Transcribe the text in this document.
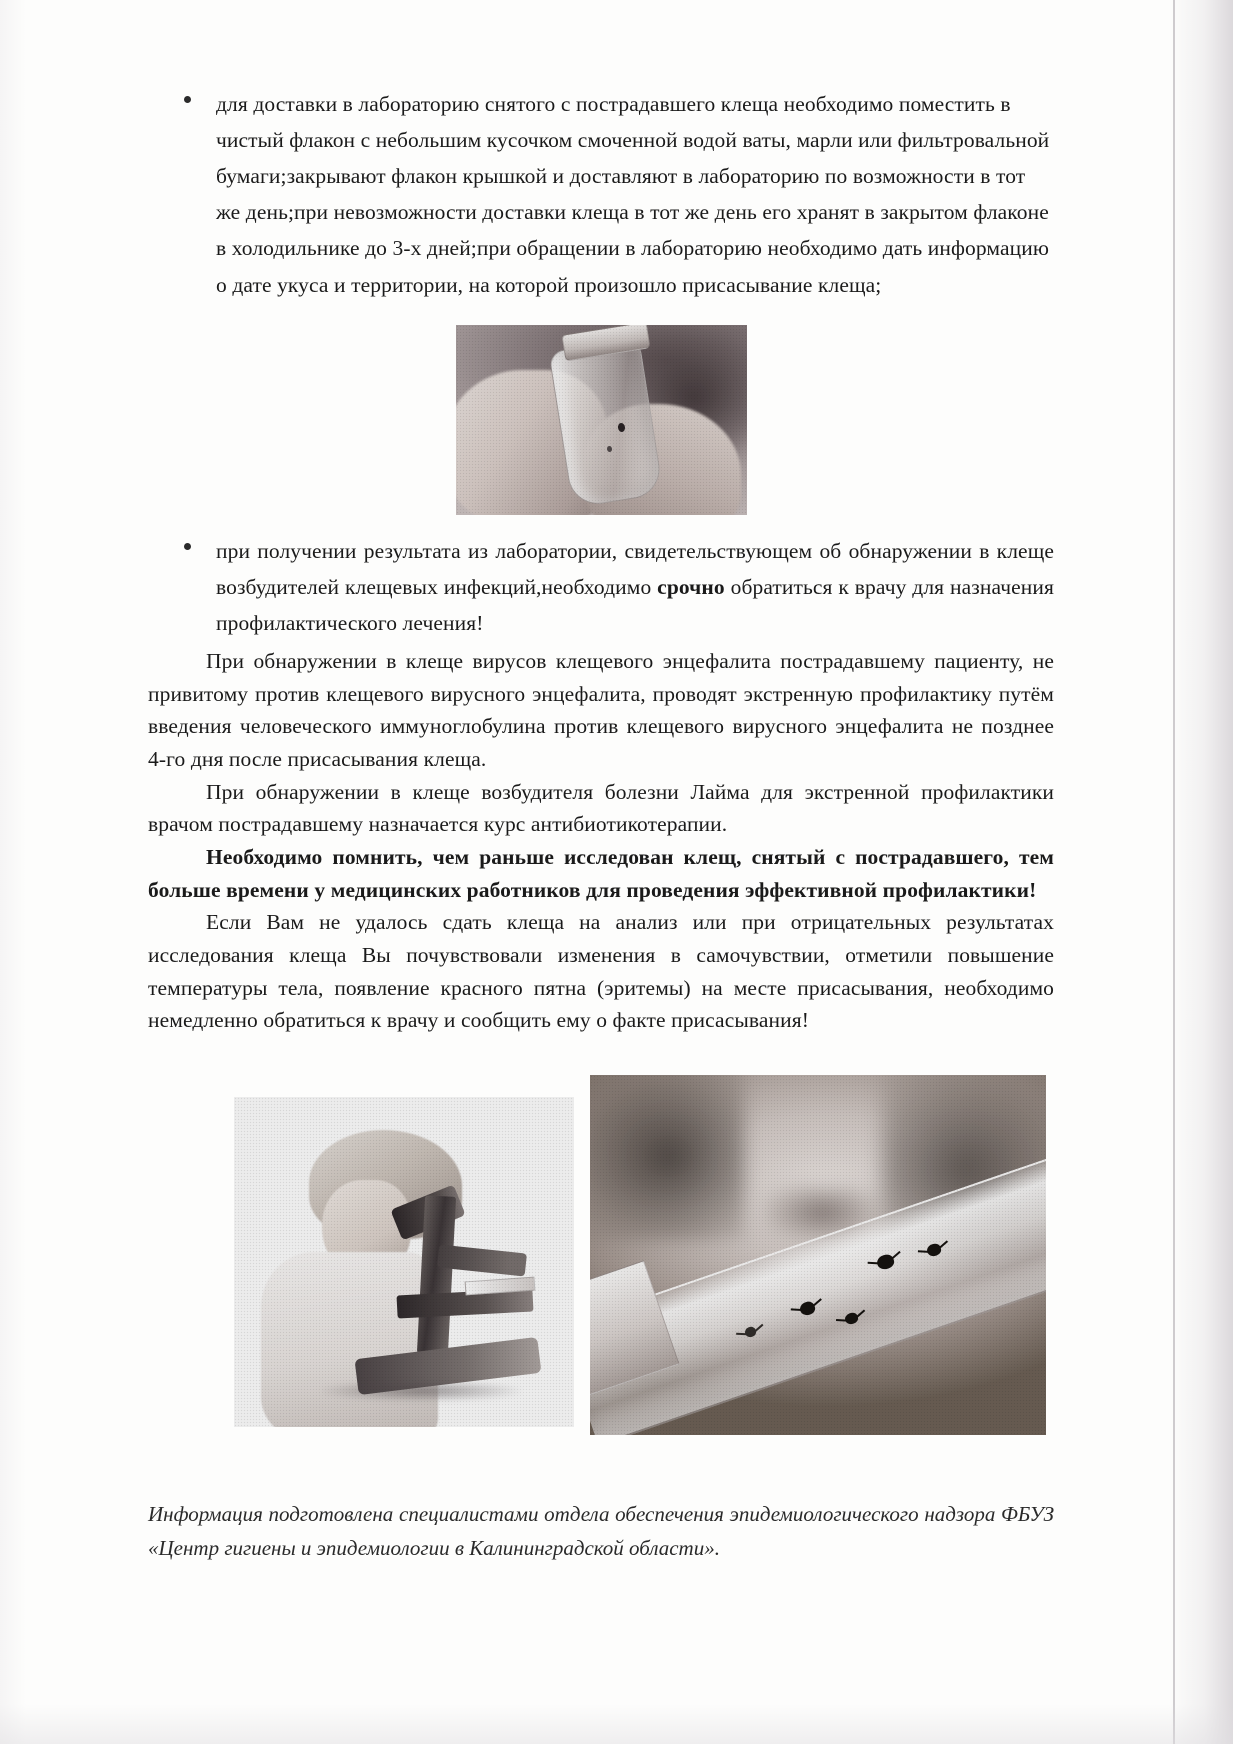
для доставки в лабораторию снятого с пострадавшего клеща необходимо поместить в чистый флакон с небольшим кусочком смоченной водой ваты, марли или фильтровальной бумаги;закрывают флакон крышкой и доставляют в лабораторию по возможности в тот же день;при невозможности доставки клеща в тот же день его хранят в закрытом флаконе в холодильнике до 3-х дней;при обращении в лабораторию необходимо дать информацию о дате укуса и территории, на которой произошло присасывание клеща;
при получении результата из лаборатории, свидетельствующем об обнаружении в клеще возбудителей клещевых инфекций,необходимо срочно обратиться к врачу для назначения профилактического лечения!

При обнаружении в клеще вирусов клещевого энцефалита пострадавшему пациенту, не привитому против клещевого вирусного энцефалита, проводят экстренную профилактику путём введения человеческого иммуноглобулина против клещевого вирусного энцефалита не позднее 4-го дня после присасывания клеща.

При обнаружении в клеще возбудителя болезни Лайма для экстренной профилактики врачом пострадавшему назначается курс антибиотикотерапии.

Необходимо помнить, чем раньше исследован клещ, снятый с пострадавшего, тем больше времени у медицинских работников для проведения эффективной профилактики!

Если Вам не удалось сдать клеща на анализ или при отрицательных результатах исследования клеща Вы почувствовали изменения в самочувствии, отметили повышение температуры тела, появление красного пятна (эритемы) на месте присасывания, необходимо немедленно обратиться к врачу и сообщить ему о факте присасывания!

Информация подготовлена специалистами отдела обеспечения эпидемиологического надзора ФБУЗ «Центр гигиены и эпидемиологии в Калининградской области».
